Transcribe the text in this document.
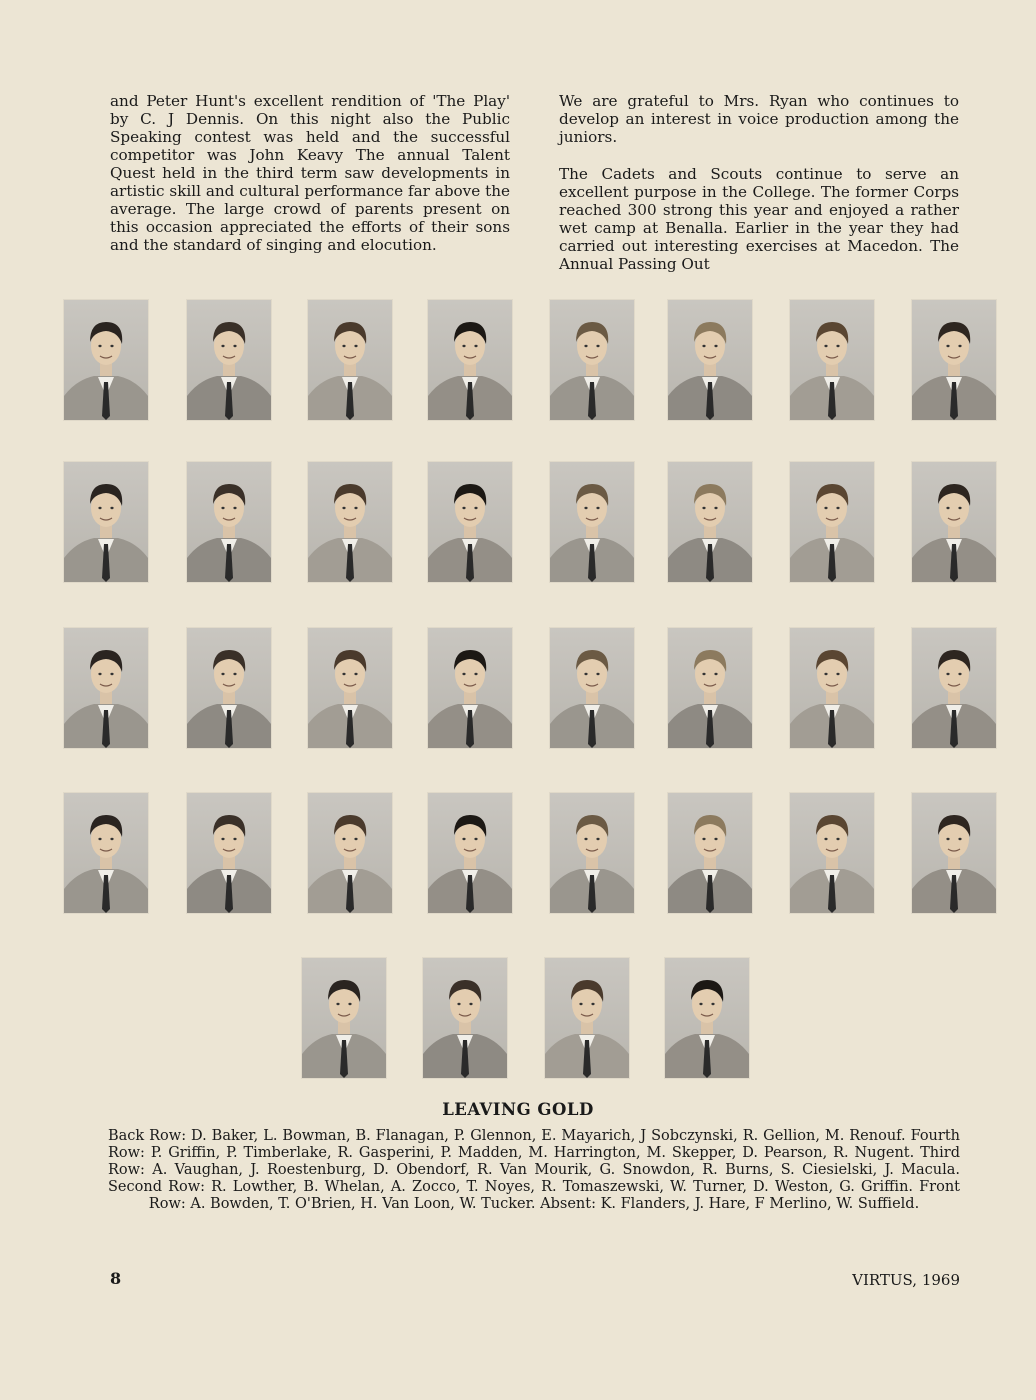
and Peter Hunt's excellent rendition of 'The Play' by C. J Dennis. On this night also the Public Speaking contest was held and the successful competitor was John Keavy The annual Talent Quest held in the third term saw developments in artistic skill and cultural performance far above the average. The large crowd of parents present on this occasion appreciated the efforts of their sons and the standard of singing and elocution.

We are grateful to Mrs. Ryan who continues to develop an interest in voice production among the juniors.

The Cadets and Scouts continue to serve an excellent purpose in the College. The former Corps reached 300 strong this year and enjoyed a rather wet camp at Benalla. Earlier in the year they had carried out interesting exercises at Macedon. The Annual Passing Out

LEAVING GOLD
Back Row: D. Baker, L. Bowman, B. Flanagan, P. Glennon, E. Mayarich, J Sobczynski, R. Gellion, M. Renouf. Fourth Row: P. Griffin, P. Timberlake, R. Gasperini, P. Madden, M. Harrington, M. Skepper, D. Pearson, R. Nugent. Third Row: A. Vaughan, J. Roestenburg, D. Obendorf, R. Van Mourik, G. Snowdon, R. Burns, S. Ciesielski, J. Macula. Second Row: R. Lowther, B. Whelan, A. Zocco, T. Noyes, R. Tomaszewski, W. Turner, D. Weston, G. Griffin. Front Row: A. Bowden, T. O'Brien, H. Van Loon, W. Tucker. Absent: K. Flanders, J. Hare, F Merlino, W. Suffield.
8	VIRTUS, 1969
